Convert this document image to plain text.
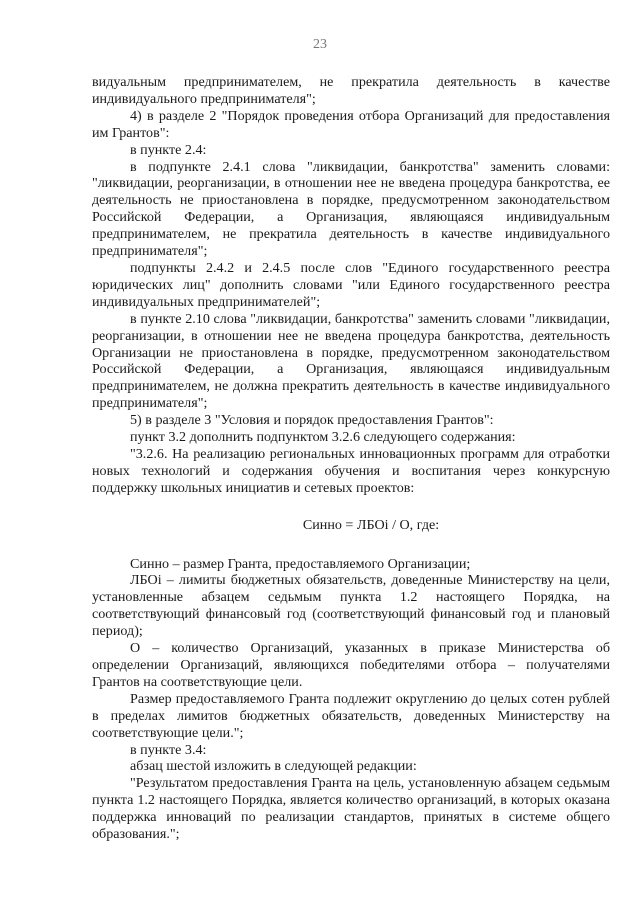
23

видуальным предпринимателем, не прекратила деятельность в качестве индивидуального предпринимателя";

4) в разделе 2 "Порядок проведения отбора Организаций для предоставления им Грантов":

в пункте 2.4:

в подпункте 2.4.1 слова "ликвидации, банкротства" заменить словами: "ликвидации, реорганизации, в отношении нее не введена процедура банкротства, ее деятельность не приостановлена в порядке, предусмотренном законодательством Российской Федерации, а Организация, являющаяся индивидуальным предпринимателем, не прекратила деятельность в качестве индивидуального предпринимателя";

подпункты 2.4.2 и 2.4.5 после слов "Единого государственного реестра юридических лиц" дополнить словами "или Единого государственного реестра индивидуальных предпринимателей";

в пункте 2.10 слова "ликвидации, банкротства" заменить словами "ликвидации, реорганизации, в отношении нее не введена процедура банкротства, деятельность Организации не приостановлена в порядке, предусмотренном законодательством Российской Федерации, а Организация, являющаяся индивидуальным предпринимателем, не должна прекратить деятельность в качестве индивидуального предпринимателя";

5) в разделе 3 "Условия и порядок предоставления Грантов":

пункт 3.2 дополнить подпунктом 3.2.6 следующего содержания:

"3.2.6. На реализацию региональных инновационных программ для отработки новых технологий и содержания обучения и воспитания через конкурсную поддержку школьных инициатив и сетевых проектов:

Синно = ЛБОi / О, где:

Синно – размер Гранта, предоставляемого Организации;

ЛБОi – лимиты бюджетных обязательств, доведенные Министерству на цели, установленные абзацем седьмым пункта 1.2 настоящего Порядка, на соответствующий финансовый год (соответствующий финансовый год и плановый период);

О – количество Организаций, указанных в приказе Министерства об определении Организаций, являющихся победителями отбора – получателями Грантов на соответствующие цели.

Размер предоставляемого Гранта подлежит округлению до целых сотен рублей в пределах лимитов бюджетных обязательств, доведенных Министерству на соответствующие цели.";

в пункте 3.4:

абзац шестой изложить в следующей редакции:

"Результатом предоставления Гранта на цель, установленную абзацем седьмым пункта 1.2 настоящего Порядка, является количество организаций, в которых оказана поддержка инноваций по реализации стандартов, принятых в системе общего образования.";
